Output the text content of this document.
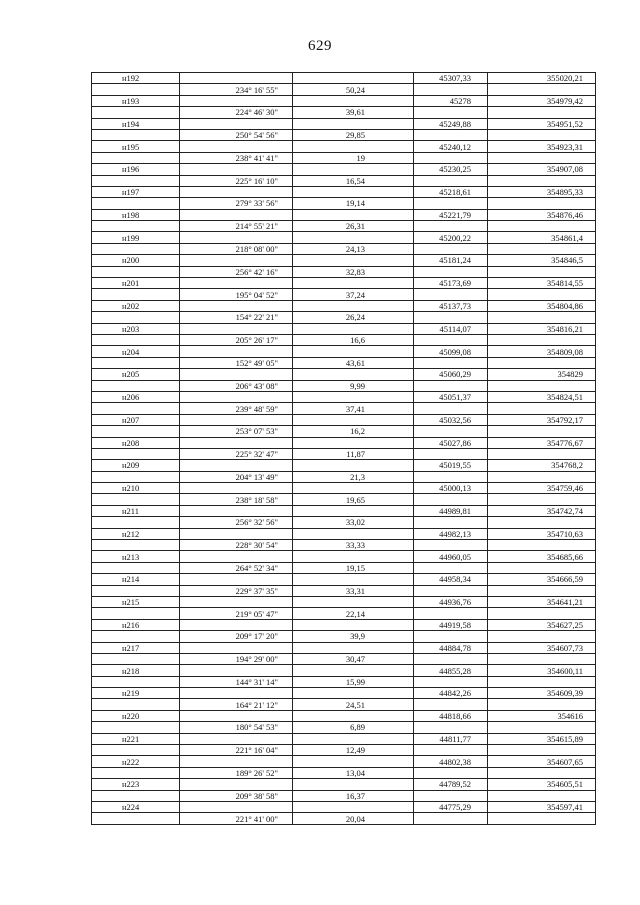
629
н192			45307,33	355020,21
	234° 16' 55"	50,24		
н193			45278	354979,42
	224° 46' 30"	39,61		
н194			45249,88	354951,52
	250° 54' 56"	29,85		
н195			45240,12	354923,31
	238° 41' 41"	19		
н196			45230,25	354907,08
	225° 16' 10"	16,54		
н197			45218,61	354895,33
	279° 33' 56"	19,14		
н198			45221,79	354876,46
	214° 55' 21"	26,31		
н199			45200,22	354861,4
	218° 08' 00"	24,13		
н200			45181,24	354846,5
	256° 42' 16"	32,83		
н201			45173,69	354814,55
	195° 04' 52"	37,24		
н202			45137,73	354804,86
	154° 22' 21"	26,24		
н203			45114,07	354816,21
	205° 26' 17"	16,6		
н204			45099,08	354809,08
	152° 49' 05"	43,61		
н205			45060,29	354829
	206° 43' 08"	9,99		
н206			45051,37	354824,51
	239° 48' 59"	37,41		
н207			45032,56	354792,17
	253° 07' 53"	16,2		
н208			45027,86	354776,67
	225° 32' 47"	11,87		
н209			45019,55	354768,2
	204° 13' 49"	21,3		
н210			45000,13	354759,46
	238° 18' 58"	19,65		
н211			44989,81	354742,74
	256° 32' 56"	33,02		
н212			44982,13	354710,63
	228° 30' 54"	33,33		
н213			44960,05	354685,66
	264° 52' 34"	19,15		
н214			44958,34	354666,59
	229° 37' 35"	33,31		
н215			44936,76	354641,21
	219° 05' 47"	22,14		
н216			44919,58	354627,25
	209° 17' 20"	39,9		
н217			44884,78	354607,73
	194° 29' 00"	30,47		
н218			44855,28	354600,11
	144° 31' 14"	15,99		
н219			44842,26	354609,39
	164° 21' 12"	24,51		
н220			44818,66	354616
	180° 54' 53"	6,89		
н221			44811,77	354615,89
	221° 16' 04"	12,49		
н222			44802,38	354607,65
	189° 26' 52"	13,04		
н223			44789,52	354605,51
	209° 38' 58"	16,37		
н224			44775,29	354597,41
	221° 41' 00"	20,04		
